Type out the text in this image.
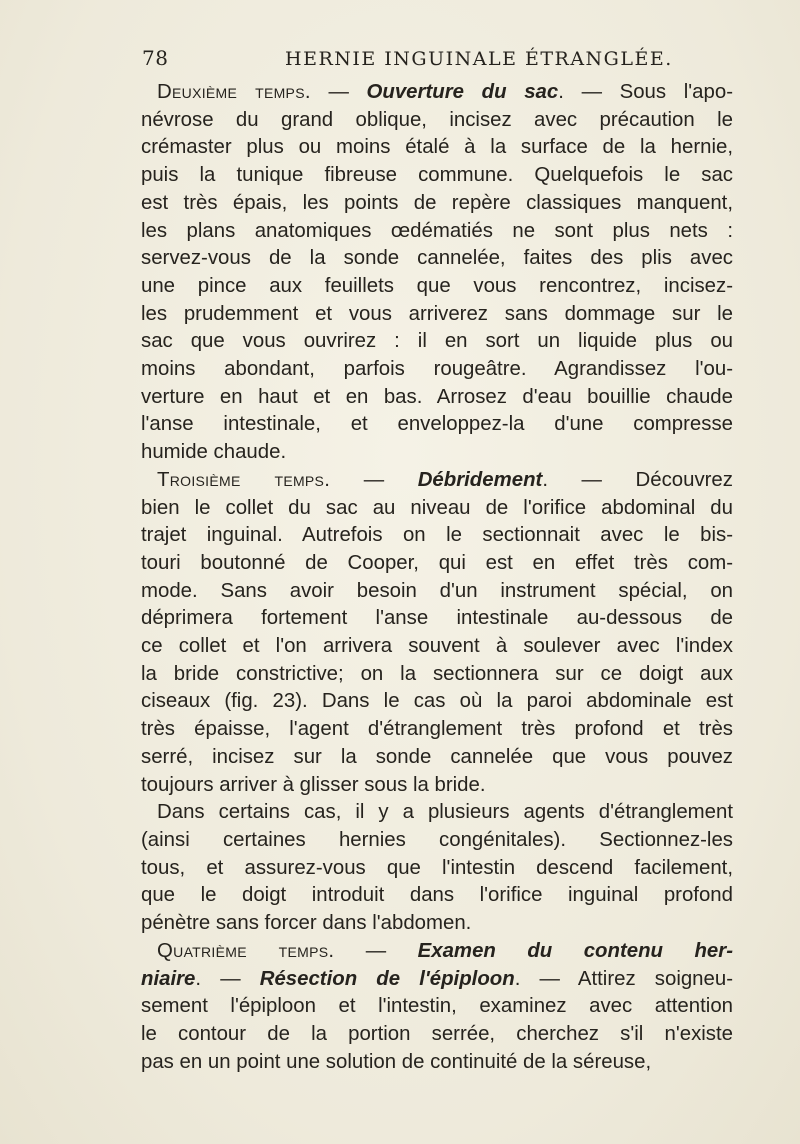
78	HERNIE INGUINALE ÉTRANGLÉE.
Deuxième temps. — Ouverture du sac. — Sous l'apo-
névrose du grand oblique, incisez avec précaution le
crémaster plus ou moins étalé à la surface de la hernie,
puis la tunique fibreuse commune. Quelquefois le sac
est très épais, les points de repère classiques manquent,
les plans anatomiques œdématiés ne sont plus nets :
servez-vous de la sonde cannelée, faites des plis avec
une pince aux feuillets que vous rencontrez, incisez-
les prudemment et vous arriverez sans dommage sur le
sac que vous ouvrirez : il en sort un liquide plus ou
moins abondant, parfois rougeâtre. Agrandissez l'ou-
verture en haut et en bas. Arrosez d'eau bouillie chaude
l'anse intestinale, et enveloppez-la d'une compresse
humide chaude.
Troisième temps. — Débridement. — Découvrez
bien le collet du sac au niveau de l'orifice abdominal du
trajet inguinal. Autrefois on le sectionnait avec le bis-
touri boutonné de Cooper, qui est en effet très com-
mode. Sans avoir besoin d'un instrument spécial, on
déprimera fortement l'anse intestinale au-dessous de
ce collet et l'on arrivera souvent à soulever avec l'index
la bride constrictive; on la sectionnera sur ce doigt aux
ciseaux (fig. 23). Dans le cas où la paroi abdominale est
très épaisse, l'agent d'étranglement très profond et très
serré, incisez sur la sonde cannelée que vous pouvez
toujours arriver à glisser sous la bride.
Dans certains cas, il y a plusieurs agents d'étranglement
(ainsi certaines hernies congénitales). Sectionnez-les
tous, et assurez-vous que l'intestin descend facilement,
que le doigt introduit dans l'orifice inguinal profond
pénètre sans forcer dans l'abdomen.
Quatrième temps. — Examen du contenu her-
niaire. — Résection de l'épiploon. — Attirez soigneu-
sement l'épiploon et l'intestin, examinez avec attention
le contour de la portion serrée, cherchez s'il n'existe
pas en un point une solution de continuité de la séreuse,
